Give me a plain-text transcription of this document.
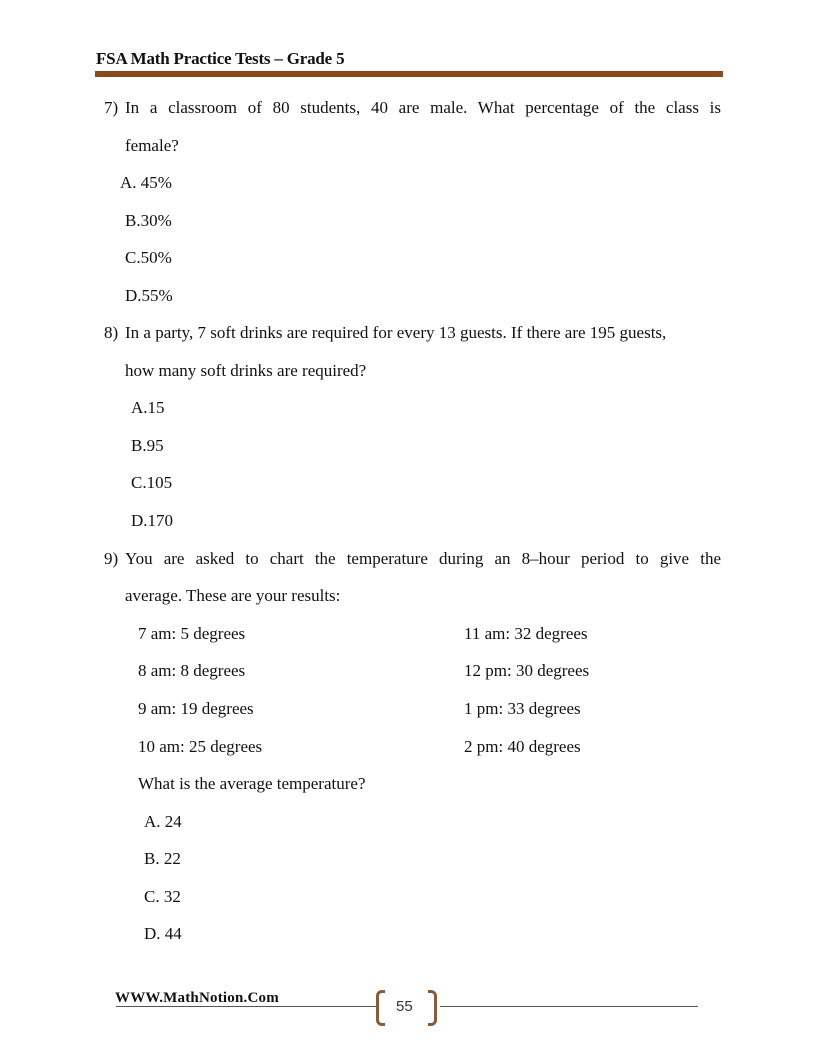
FSA Math Practice Tests – Grade 5
7) In a classroom of 80 students, 40 are male. What percentage of the class is
female?
A. 45%
B.30%
C.50%
D.55%
8) In a party, 7 soft drinks are required for every 13 guests. If there are 195 guests,
how many soft drinks are required?
A.15
B.95
C.105
D.170
9) You are asked to chart the temperature during an 8–hour period to give the
average. These are your results:
7 am: 5 degrees
8 am: 8 degrees
9 am: 19 degrees
10 am: 25 degrees
11 am: 32 degrees
12 pm: 30 degrees
1 pm: 33 degrees
2 pm: 40 degrees
What is the average temperature?
A. 24
B. 22
C. 32
D. 44
WWW.MathNotion.Com	55
